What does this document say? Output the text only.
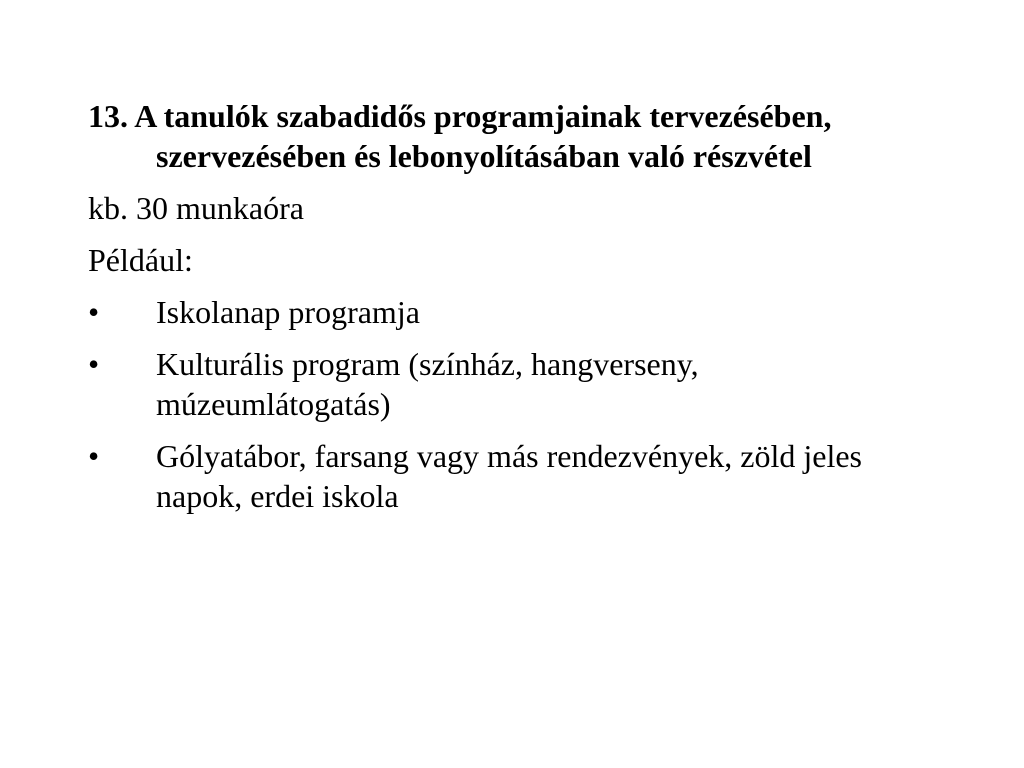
13. A tanulók szabadidős programjainak tervezésében, szervezésében és lebonyolításában való részvétel

kb. 30 munkaóra

Például:

•	Iskolanap programja
•	Kulturális program (színház, hangverseny, múzeumlátogatás)
•	Gólyatábor, farsang vagy más rendezvények, zöld jeles napok, erdei iskola
